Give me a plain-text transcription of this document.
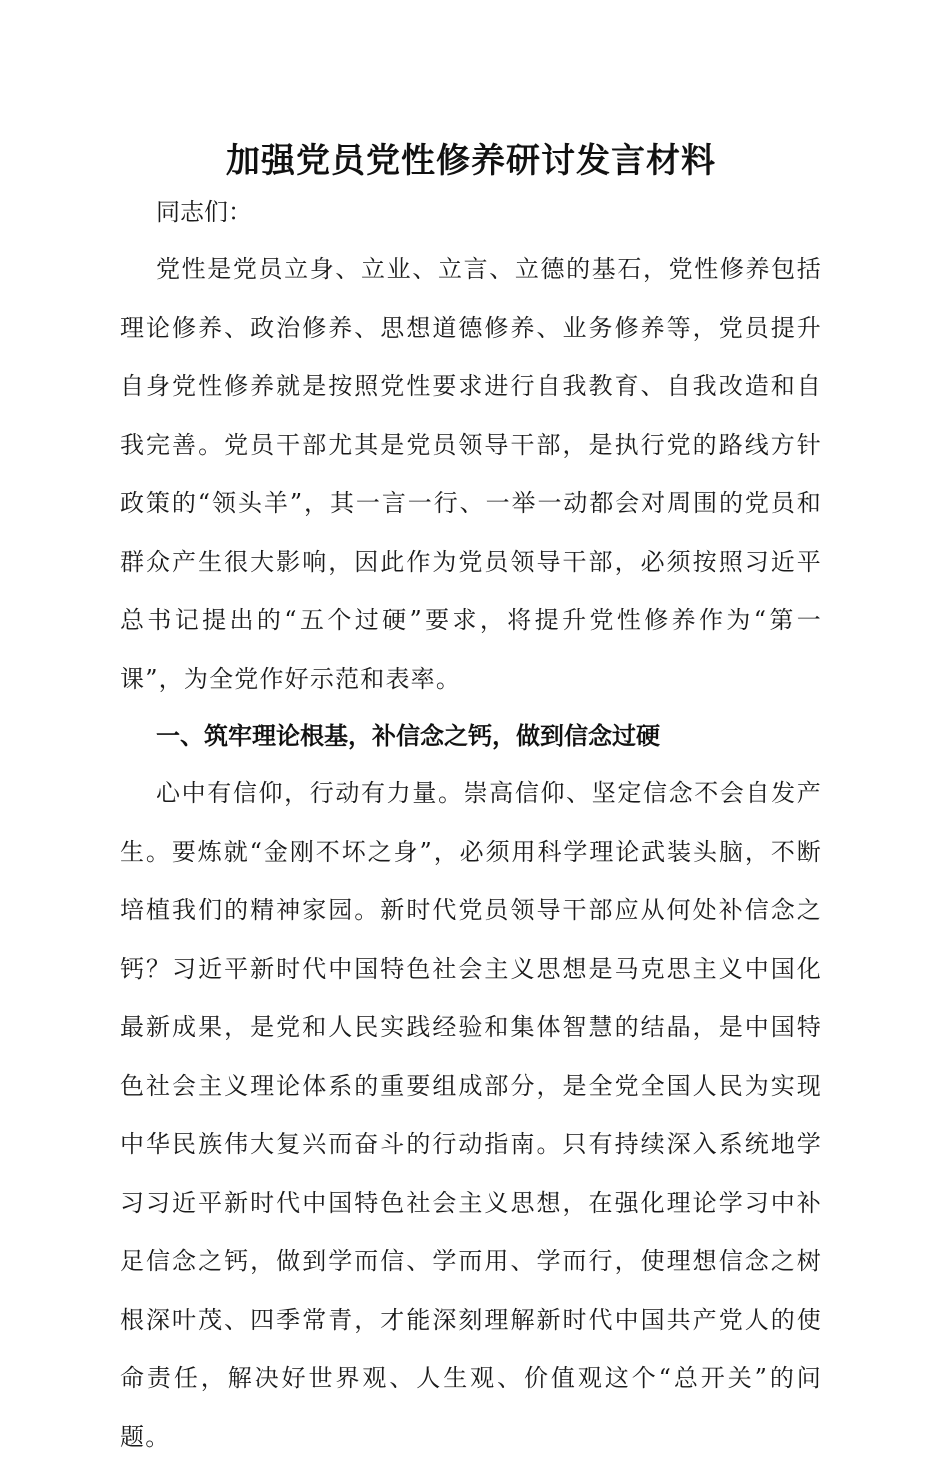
加强党员党性修养研讨发言材料

同志们：

党性是党员立身、立业、立言、立德的基石，党性修养包括理论修养、政治修养、思想道德修养、业务修养等，党员提升自身党性修养就是按照党性要求进行自我教育、自我改造和自我完善。党员干部尤其是党员领导干部，是执行党的路线方针政策的“领头羊”，其一言一行、一举一动都会对周围的党员和群众产生很大影响，因此作为党员领导干部，必须按照习近平总书记提出的“五个过硬”要求，将提升党性修养作为“第一课”，为全党作好示范和表率。

一、筑牢理论根基，补信念之钙，做到信念过硬

心中有信仰，行动有力量。崇高信仰、坚定信念不会自发产生。要炼就“金刚不坏之身”，必须用科学理论武装头脑，不断培植我们的精神家园。新时代党员领导干部应从何处补信念之钙？习近平新时代中国特色社会主义思想是马克思主义中国化最新成果，是党和人民实践经验和集体智慧的结晶，是中国特色社会主义理论体系的重要组成部分，是全党全国人民为实现中华民族伟大复兴而奋斗的行动指南。只有持续深入系统地学习习近平新时代中国特色社会主义思想，在强化理论学习中补足信念之钙，做到学而信、学而用、学而行，使理想信念之树根深叶茂、四季常青，才能深刻理解新时代中国共产党人的使命责任，解决好世界观、人生观、价值观这个“总开关”的问题。
